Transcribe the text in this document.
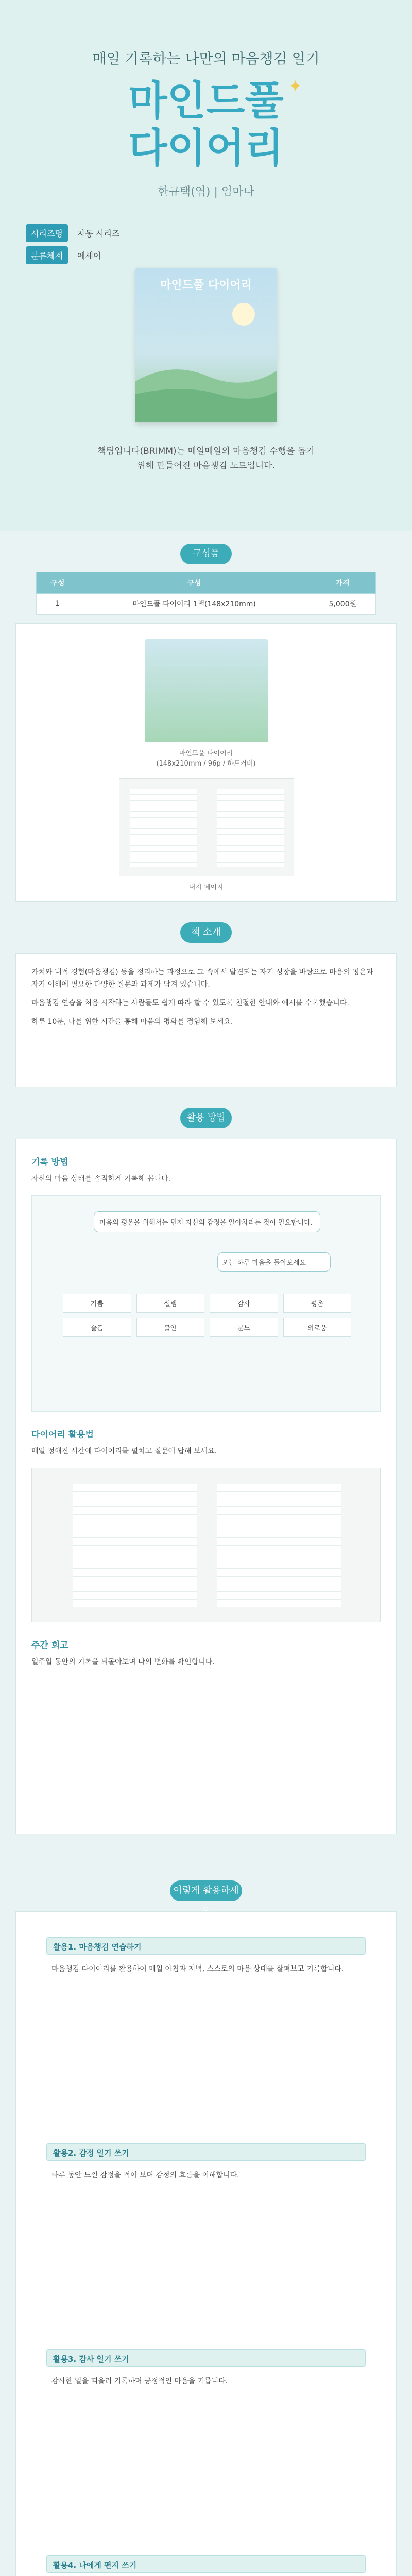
매일 기록하는 나만의 마음챙김 일기
마인드풀
다이어리
✦
한규택(엮) | 엄마나
시리즈명	자동 시리즈
분류체계	에세이
마인드풀 다이어리
책팀입니다(BRIMM)는 매일매일의 마음챙김 수행을 돕기
위해 만들어진 마음챙김 노트입니다.
구성품
구성	구성	가격
1	마인드풀 다이어리 1책(148x210mm)	5,000원
마인드풀 다이어리
(148x210mm / 96p / 하드커버)
내지 페이지
책 소개

가치와 내적 경험(마음챙김) 등을 정리하는 과정으로 그 속에서 발견되는 자기 성장을 바탕으로 마음의 평온과 자기 이해에 필요한 다양한 질문과 과제가 담겨 있습니다.

마음챙김 연습을 처음 시작하는 사람들도 쉽게 따라 할 수 있도록 친절한 안내와 예시를 수록했습니다.

하루 10분, 나를 위한 시간을 통해 마음의 평화를 경험해 보세요.

활용 방법
기록 방법

자신의 마음 상태를 솔직하게 기록해 봅니다.

마음의 평온을 위해서는 먼저 자신의 감정을 알아차리는 것이 필요합니다.
오늘 하루 마음을 돌아보세요
기쁨	설렘	감사	평온
슬픔	불안	분노	외로움
다이어리 활용법

매일 정해진 시간에 다이어리를 펼치고 질문에 답해 보세요.

주간 회고

일주일 동안의 기록을 되돌아보며 나의 변화를 확인합니다.

이렇게 활용하세
활용1. 마음챙김 연습하기

마음챙김 다이어리를 활용하여 매일 아침과 저녁, 스스로의 마음 상태를 살펴보고 기록합니다.

활용2. 감정 일기 쓰기

하루 동안 느낀 감정을 적어 보며 감정의 흐름을 이해합니다.

활용3. 감사 일기 쓰기

감사한 일을 떠올려 기록하며 긍정적인 마음을 기릅니다.

활용4. 나에게 편지 쓰기
